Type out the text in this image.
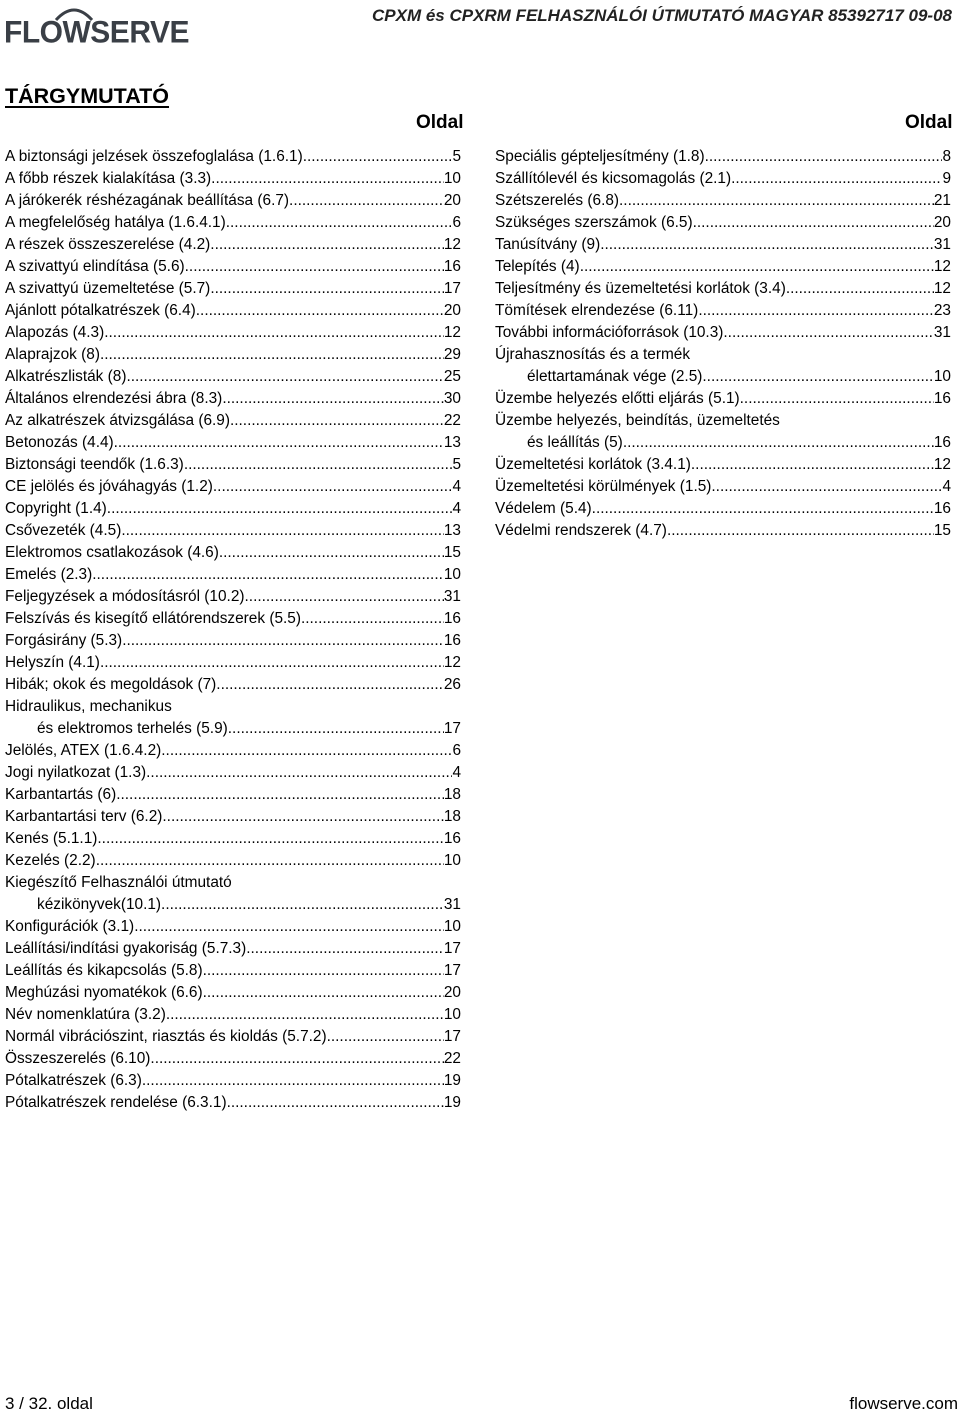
FLOWSERVE	CPXM és CPXRM FELHASZNÁLÓI ÚTMUTATÓ MAGYAR 85392717 09-08
TÁRGYMUTATÓ
Oldal	Oldal
A biztonsági jelzések összefoglalása (1.6.1) .....	5
A főbb részek kialakítása (3.3) .....	10
A járókerék réshézagának beállítása (6.7) .....	20
A megfelelőség hatálya (1.6.4.1) .....	6
A részek összeszerelése (4.2) .....	12
A szivattyú elindítása (5.6) .....	16
A szivattyú üzemeltetése (5.7) .....	17
Ajánlott pótalkatrészek (6.4) .....	20
Alapozás (4.3) .....	12
Alaprajzok (8) .....	29
Alkatrészlisták (8) .....	25
Általános elrendezési ábra (8.3) .....	30
Az alkatrészek átvizsgálása (6.9) .....	22
Betonozás (4.4) .....	13
Biztonsági teendők (1.6.3) .....	5
CE jelölés és jóváhagyás (1.2) .....	4
Copyright (1.4) .....	4
Csővezeték (4.5) .....	13
Elektromos csatlakozások (4.6) .....	15
Emelés (2.3) .....	10
Feljegyzések a módosításról (10.2) .....	31
Felszívás és kisegítő ellátórendszerek (5.5) .....	16
Forgásirány (5.3) .....	16
Helyszín (4.1) .....	12
Hibák; okok és megoldások (7) .....	26
Hidraulikus, mechanikus
és elektromos terhelés (5.9) .....	17
Jelölés, ATEX (1.6.4.2) .....	6
Jogi nyilatkozat (1.3) .....	4
Karbantartás (6) .....	18
Karbantartási terv (6.2) .....	18
Kenés (5.1.1) .....	16
Kezelés (2.2) .....	10
Kiegészítő Felhasználói útmutató
kézikönyvek(10.1) .....	31
Konfigurációk (3.1) .....	10
Leállítási/indítási gyakoriság (5.7.3) .....	17
Leállítás és kikapcsolás (5.8) .....	17
Meghúzási nyomatékok (6.6) .....	20
Név nomenklatúra (3.2) .....	10
Normál vibrációszint, riasztás és kioldás (5.7.2) .....	17
Összeszerelés (6.10) .....	22
Pótalkatrészek (6.3) .....	19
Pótalkatrészek rendelése (6.3.1) .....	19
Speciális gépteljesítmény (1.8) .....	8
Szállítólevél és kicsomagolás (2.1) .....	9
Szétszerelés (6.8) .....	21
Szükséges szerszámok (6.5) .....	20
Tanúsítvány (9) .....	31
Telepítés (4) .....	12
Teljesítmény és üzemeltetési korlátok (3.4) .....	12
Tömítések elrendezése (6.11) .....	23
További információforrások (10.3) .....	31
Újrahasznosítás és a termék
élettartamának vége (2.5) .....	10
Üzembe helyezés előtti eljárás (5.1) .....	16
Üzembe helyezés, beindítás, üzemeltetés
és leállítás (5) .....	16
Üzemeltetési korlátok (3.4.1) .....	12
Üzemeltetési körülmények (1.5) .....	4
Védelem (5.4) .....	16
Védelmi rendszerek (4.7) .....	15
3 / 32. oldal	flowserve.com
